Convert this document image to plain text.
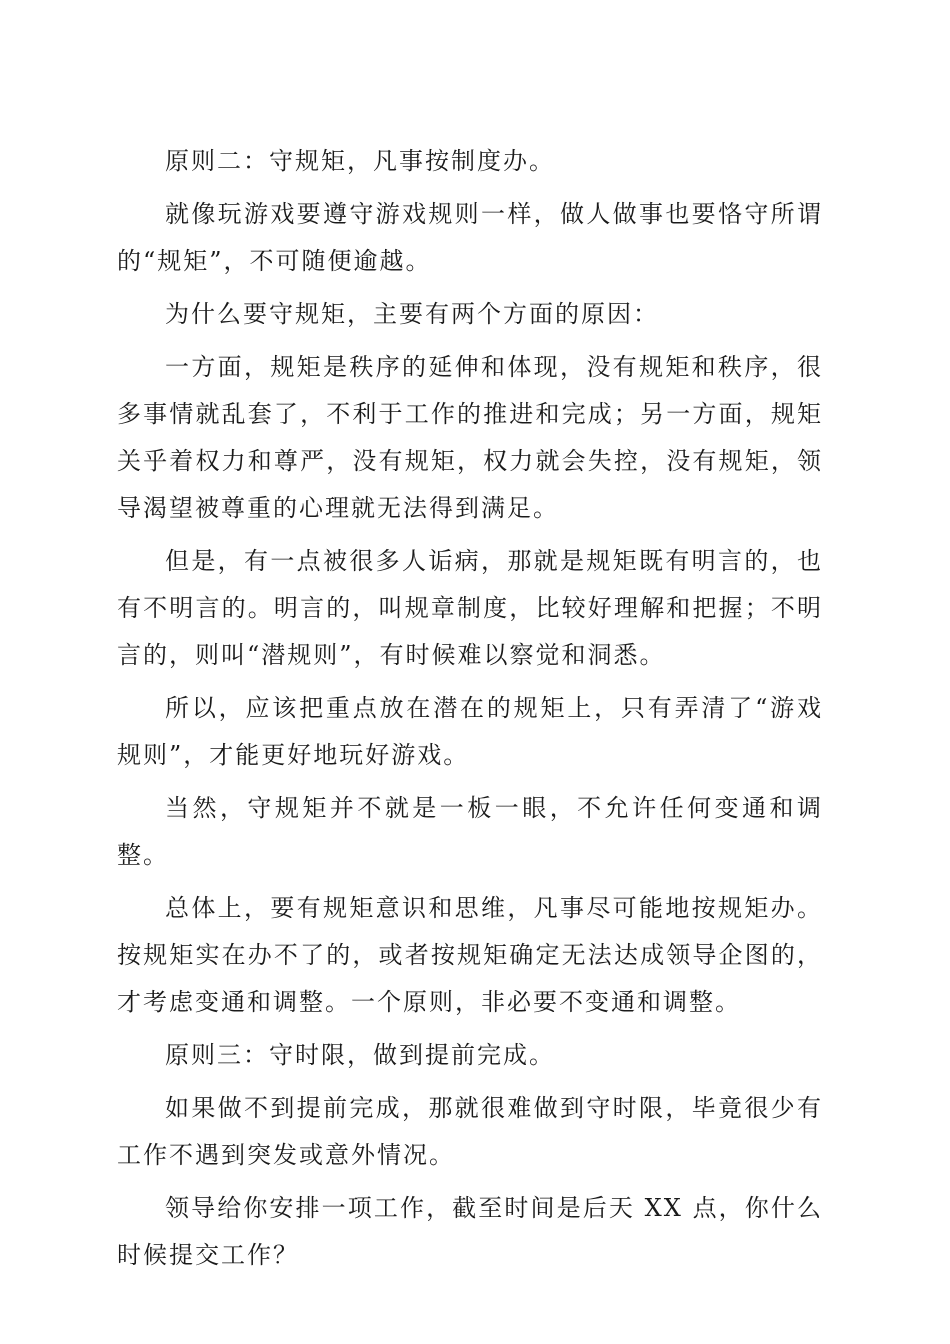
原则二：守规矩，凡事按制度办。

就像玩游戏要遵守游戏规则一样，做人做事也要恪守所谓的“规矩”，不可随便逾越。

为什么要守规矩，主要有两个方面的原因：

一方面，规矩是秩序的延伸和体现，没有规矩和秩序，很多事情就乱套了，不利于工作的推进和完成；另一方面，规矩关乎着权力和尊严，没有规矩，权力就会失控，没有规矩，领导渴望被尊重的心理就无法得到满足。

但是，有一点被很多人诟病，那就是规矩既有明言的，也有不明言的。明言的，叫规章制度，比较好理解和把握；不明言的，则叫“潜规则”，有时候难以察觉和洞悉。

所以，应该把重点放在潜在的规矩上，只有弄清了“游戏规则”，才能更好地玩好游戏。

当然，守规矩并不就是一板一眼，不允许任何变通和调整。

总体上，要有规矩意识和思维，凡事尽可能地按规矩办。按规矩实在办不了的，或者按规矩确定无法达成领导企图的，才考虑变通和调整。一个原则，非必要不变通和调整。

原则三：守时限，做到提前完成。

如果做不到提前完成，那就很难做到守时限，毕竟很少有工作不遇到突发或意外情况。

领导给你安排一项工作，截至时间是后天 XX 点，你什么时候提交工作？
